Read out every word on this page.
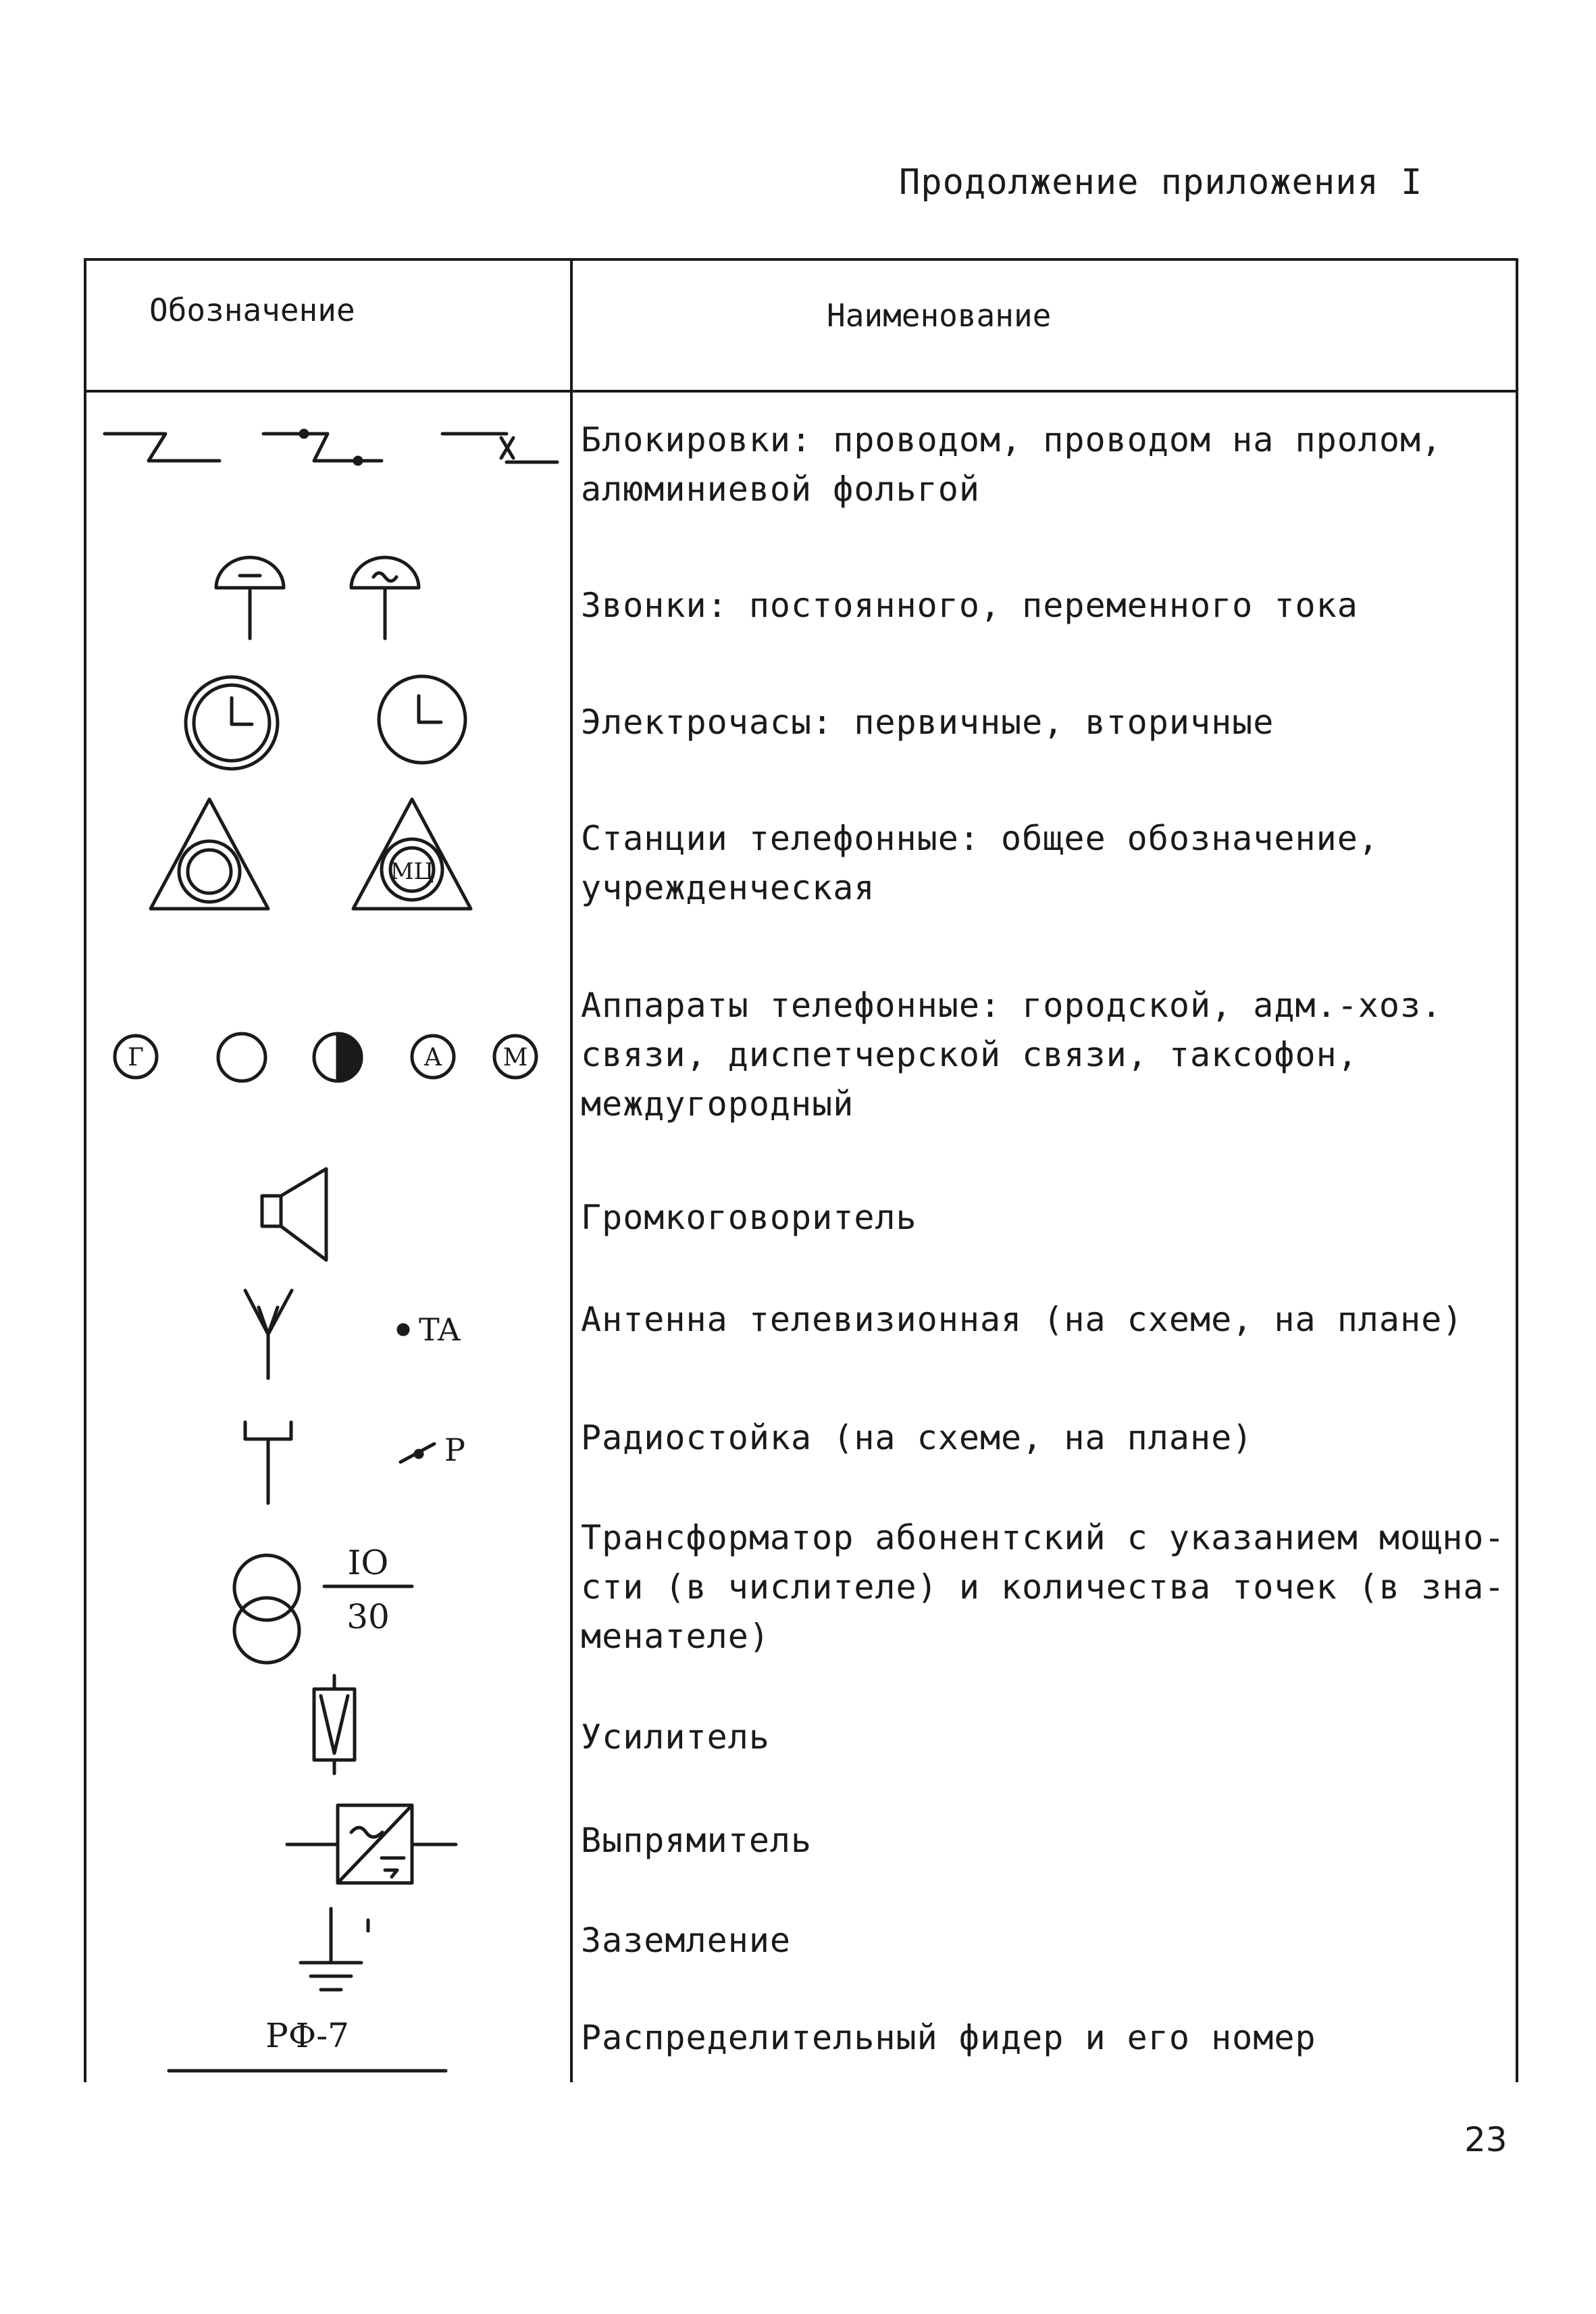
Продолжение приложения I
Обозначение	Наименование
Блокировки: проводом, проводом на пролом,
алюминиевой фольгой
Звонки: постоянного, переменного тока
Электрочасы: первичные, вторичные
Станции телефонные: общее обозначение,
учрежденческая
Аппараты телефонные: городской, адм.-хоз.
связи, диспетчерской связи, таксофон,
междугородный
Громкоговоритель
Антенна телевизионная (на схеме, на плане)
Радиостойка (на схеме, на плане)
Трансформатор абонентский с указанием мощно-
сти (в числителе) и количества точек (в зна-
менателе)
Усилитель
Выпрямитель
Заземление
Распределительный фидер и его номер
МЦ
Г	А М
TA
P
IO
30
РФ-7
23
